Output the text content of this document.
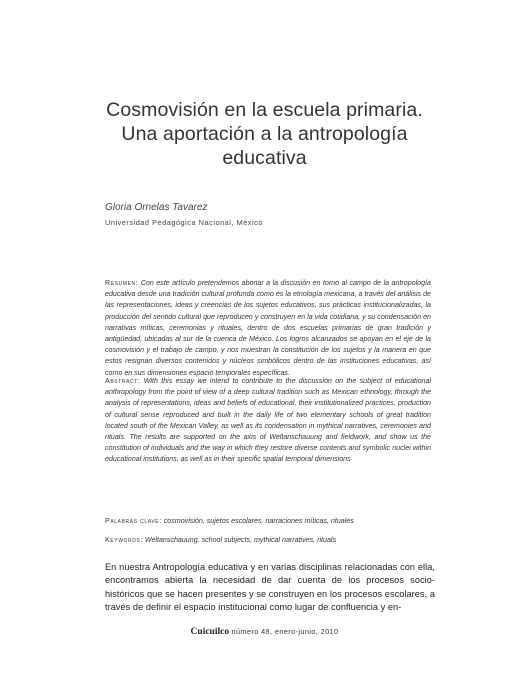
Cosmovisión en la escuela primaria.
Una aportación a la antropología
educativa
Gloria Ornelas Tavarez
Universidad Pedagógica Nacional, México
Resumen: Con este artículo pretendemos abonar a la discusión en torno al campo de la antropología educativa desde una tradición cultural profunda como es la etnología mexicana, a través del análisis de las representaciones, ideas y creencias de los sujetos educativos, sus prácticas institucionalizadas, la producción del sentido cultural que reproducen y construyen en la vida cotidiana, y su condensación en narrativas míticas, ceremonias y rituales, dentro de dos escuelas primarias de gran tradición y antigüedad, ubicadas al sur de la cuenca de México. Los logros alcanzados se apoyan en el eje de la cosmovisión y el trabajo de campo, y nos muestran la constitución de los sujetos y la manera en que estos resignan diversos contenidos y núcleos simbólicos dentro de las instituciones educativas, así como en sus dimensiones espacio temporales específicas.
Abstract: With this essay we intend to contribute to the discussion on the subject of educational anthropology from the point of view of a deep cultural tradition such as Mexican ethnology, through the analysis of representations, ideas and beliefs of educational, their institutionalized practices, production of cultural sense reproduced and built in the daily life of two elementary schools of great tradition located south of the Mexican Valley, as well as its condensation in mythical narratives, ceremonies and rituals. The results are supported on the axis of Weltanschauung and fieldwork, and show us the constitution of individuals and the way in which they restore diverse contents and symbolic nuclei within educational institutions, as well as in their specific spatial temporal dimensions
Palabras clave: cosmovisión, sujetos escolares, narraciones míticas, rituales
Keywords: Weltanschauung, school subjects, mythical narratives, rituals
En nuestra Antropología educativa y en varias disciplinas relacionadas con ella, encontramos abierta la necesidad de dar cuenta de los procesos socio-históricos que se hacen presentes y se construyen en los procesos escolares, a través de definir el espacio institucional como lugar de confluencia y en-
Cuicuilco número 48, enero-junio, 2010
